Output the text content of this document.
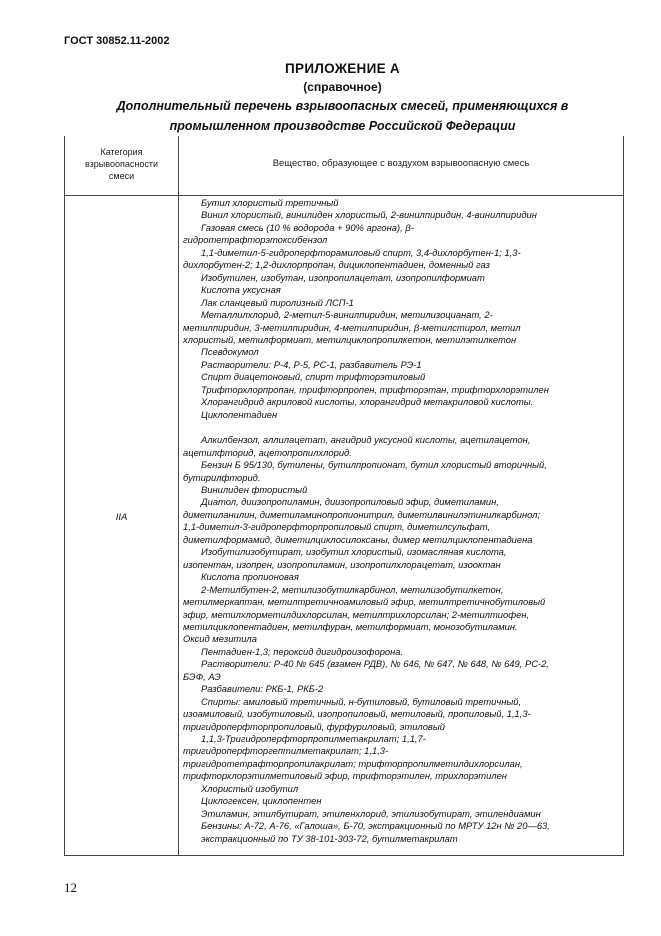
ГОСТ 30852.11-2002
ПРИЛОЖЕНИЕ А
(справочное)
Дополнительный перечень взрывоопасных смесей, применяющихся в
промышленном производстве Российской Федерации
Категория
взрывоопасности
смеси
Вещество, образующее с воздухом взрывоопасную смесь
IIA

Бутил хлористый третичный

Винил хлористый, винилиден хлористый, 2-винилпиридин, 4-винилпиридин

Газовая смесь (10 % водорода + 90% аргона), β-

гидротетрафторэтоксибензол

1,1-диметил-5-гидроперфторамиловый спирт, 3,4-дихлорбутен-1; 1,3-

дихлорбутен-2; 1,2-дихлорпропан, дициклопентадиен, доменный газ

Изобутилен, изобутан, изопропилацетат, изопропилформиат

Кислота уксусная

Лак сланцевый пиролизный ЛСП-1

Металлилхлорид, 2-метил-5-винилпиридин, метилизоцианат, 2-

метилпиридин, 3-метилпиридин, 4-метилпиридин, β-метилстирол, метил

хлористый, метилформиат, метилциклопропилкетон, метилэтилкетон

Псевдокумол

Растворители: Р-4, Р-5, РС-1, разбавитель РЭ-1

Спирт диацетоновый, спирт трифторэтиловый

Трифторхлорпропан, трифторпропен, трифторэтан, трифторхлорэтилен

Хлорангидрид акриловой кислоты, хлорангидрид метакриловой кислоты.

Циклопентадиен

Алкилбензол, аллилацетат, ангидрид уксусной кислоты, ацетилацетон,

ацетилфторид, ацетопропилхлорид.

Бензин Б 95/130, бутилены, бутилпропионат, бутил хлористый вторичный,

бутирилфторид.

Винилиден фтористый

Диатол, диизопропиламин, диизопропиловый эфир, диметиламин,

диметиланилин, диметиламинопропионитрил, диметилвинилэтинилкарбинол;

1,1-диметил-3-гидроперфторпропиловый спирт, диметилсульфат,

диметилформамид, диметилциклосилоксаны, димер метилциклопентадиена

Изобутилизобутират, изобутил хлористый, изомасляная кислота,

изопентан, изопрен, изопропиламин, изопропилхлорацетат, изооктан

Кислота пропионовая

2-Метилбутен-2, метилизобутилкарбинол, метилизобутилкетон,

метилмеркаптан, метилтретичноамиловый эфир, метилтретичнобутиловый

эфир, метилхлорметилдихлорсилан, метилтрихлорсилан; 2-метилтиофен,

метилциклопентадиен, метилфуран, метилформиат, монозобутиламин.

Оксид мезитила

Пентадиен-1,3; пероксид дигидроизофорона.

Растворители: Р-40 № 645 (взамен РДВ), № 646, № 647, № 648, № 649, РС-2,

БЭФ, АЭ

Разбавители: РКБ-1, РКБ-2

Спирты: амиловый третичный, н-бутиловый, бутиловый третичный,

изоамиловый, изобутиловый, изопропиловый, метиловый, пропиловый, 1,1,3-

тригидроперфторпропиловый, фурфуриловый, этиловый

1,1,3-Тригидроперфторпропилметакрилат; 1,1,7-

тригидроперфторгептилметакрилат; 1,1,3-

тригидротетрафторпропилакрилат; трифторпропилметилдихлорсилан,

трифторхлорэтилметиловый эфир, трифторэтилен, трихлорэтилен

Хлористый изобутил

Циклогексен, циклопентен

Этиламин, этилбутират, этиленхлорид, этилизобутират, этилендиамин

Бензины: А-72, А-76, «Галоша», Б-70, экстракционный по МРТУ 12н № 20—63,

экстракционный по ТУ 38-101-303-72, бутилметакрилат

12
